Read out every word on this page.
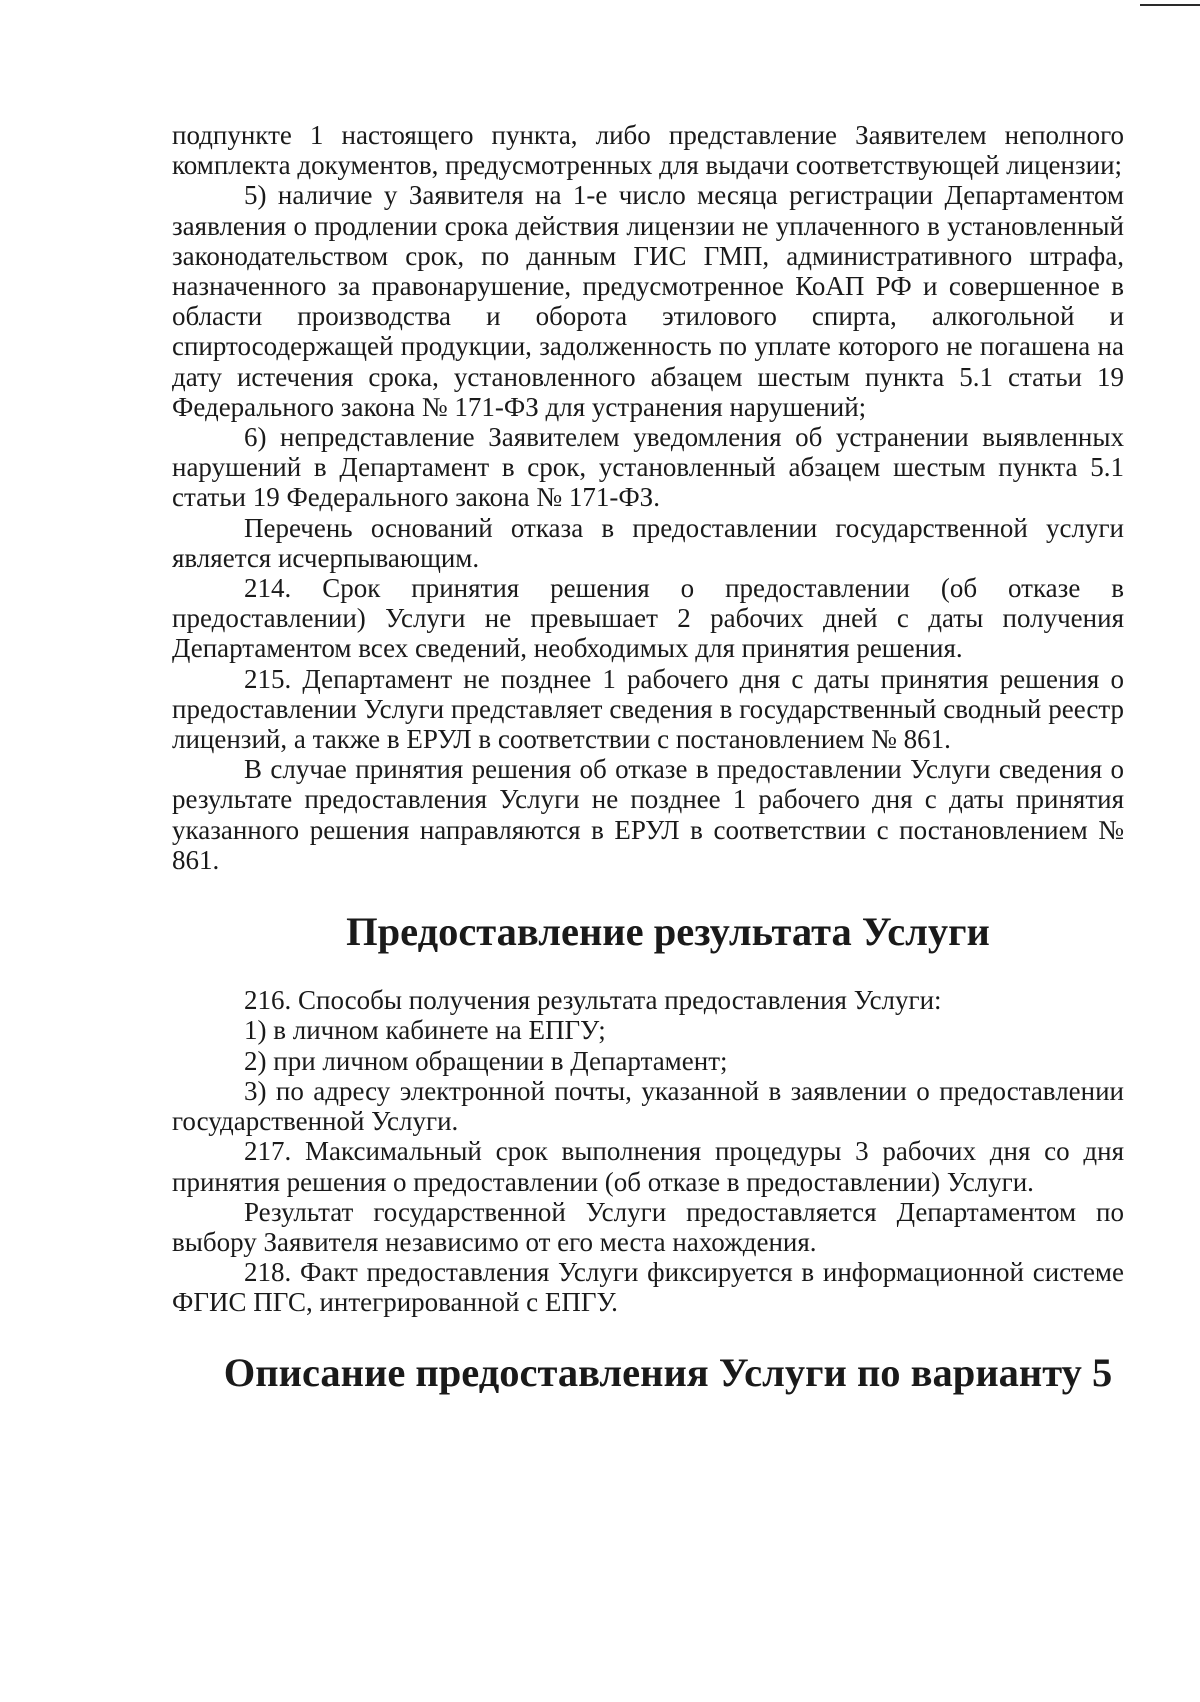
подпункте 1 настоящего пункта, либо представление Заявителем неполного комплекта документов, предусмотренных для выдачи соответствующей лицензии;

5) наличие у Заявителя на 1-е число месяца регистрации Департаментом заявления о продлении срока действия лицензии не уплаченного в установленный законодательством срок, по данным ГИС ГМП, административного штрафа, назначенного за правонарушение, предусмотренное КоАП РФ и совершенное в области производства и оборота этилового спирта, алкогольной и спиртосодержащей продукции, задолженность по уплате которого не погашена на дату истечения срока, установленного абзацем шестым пункта 5.1 статьи 19 Федерального закона № 171-ФЗ для устранения нарушений;

6) непредставление Заявителем уведомления об устранении выявленных нарушений в Департамент в срок, установленный абзацем шестым пункта 5.1 статьи 19 Федерального закона № 171-ФЗ.

Перечень оснований отказа в предоставлении государственной услуги является исчерпывающим.

214. Срок принятия решения о предоставлении (об отказе в предоставлении) Услуги не превышает 2 рабочих дней с даты получения Департаментом всех сведений, необходимых для принятия решения.

215. Департамент не позднее 1 рабочего дня с даты принятия решения о предоставлении Услуги представляет сведения в государственный сводный реестр лицензий, а также в ЕРУЛ в соответствии с постановлением № 861.

В случае принятия решения об отказе в предоставлении Услуги сведения о результате предоставления Услуги не позднее 1 рабочего дня с даты принятия указанного решения направляются в ЕРУЛ в соответствии с постановлением № 861.

Предоставление результата Услуги

216. Способы получения результата предоставления Услуги:

1) в личном кабинете на ЕПГУ;

2) при личном обращении в Департамент;

3) по адресу электронной почты, указанной в заявлении о предоставлении государственной Услуги.

217. Максимальный срок выполнения процедуры 3 рабочих дня со дня принятия решения о предоставлении (об отказе в предоставлении) Услуги.

Результат государственной Услуги предоставляется Департаментом по выбору Заявителя независимо от его места нахождения.

218. Факт предоставления Услуги фиксируется в информационной системе ФГИС ПГС, интегрированной с ЕПГУ.

Описание предоставления Услуги по варианту 5
